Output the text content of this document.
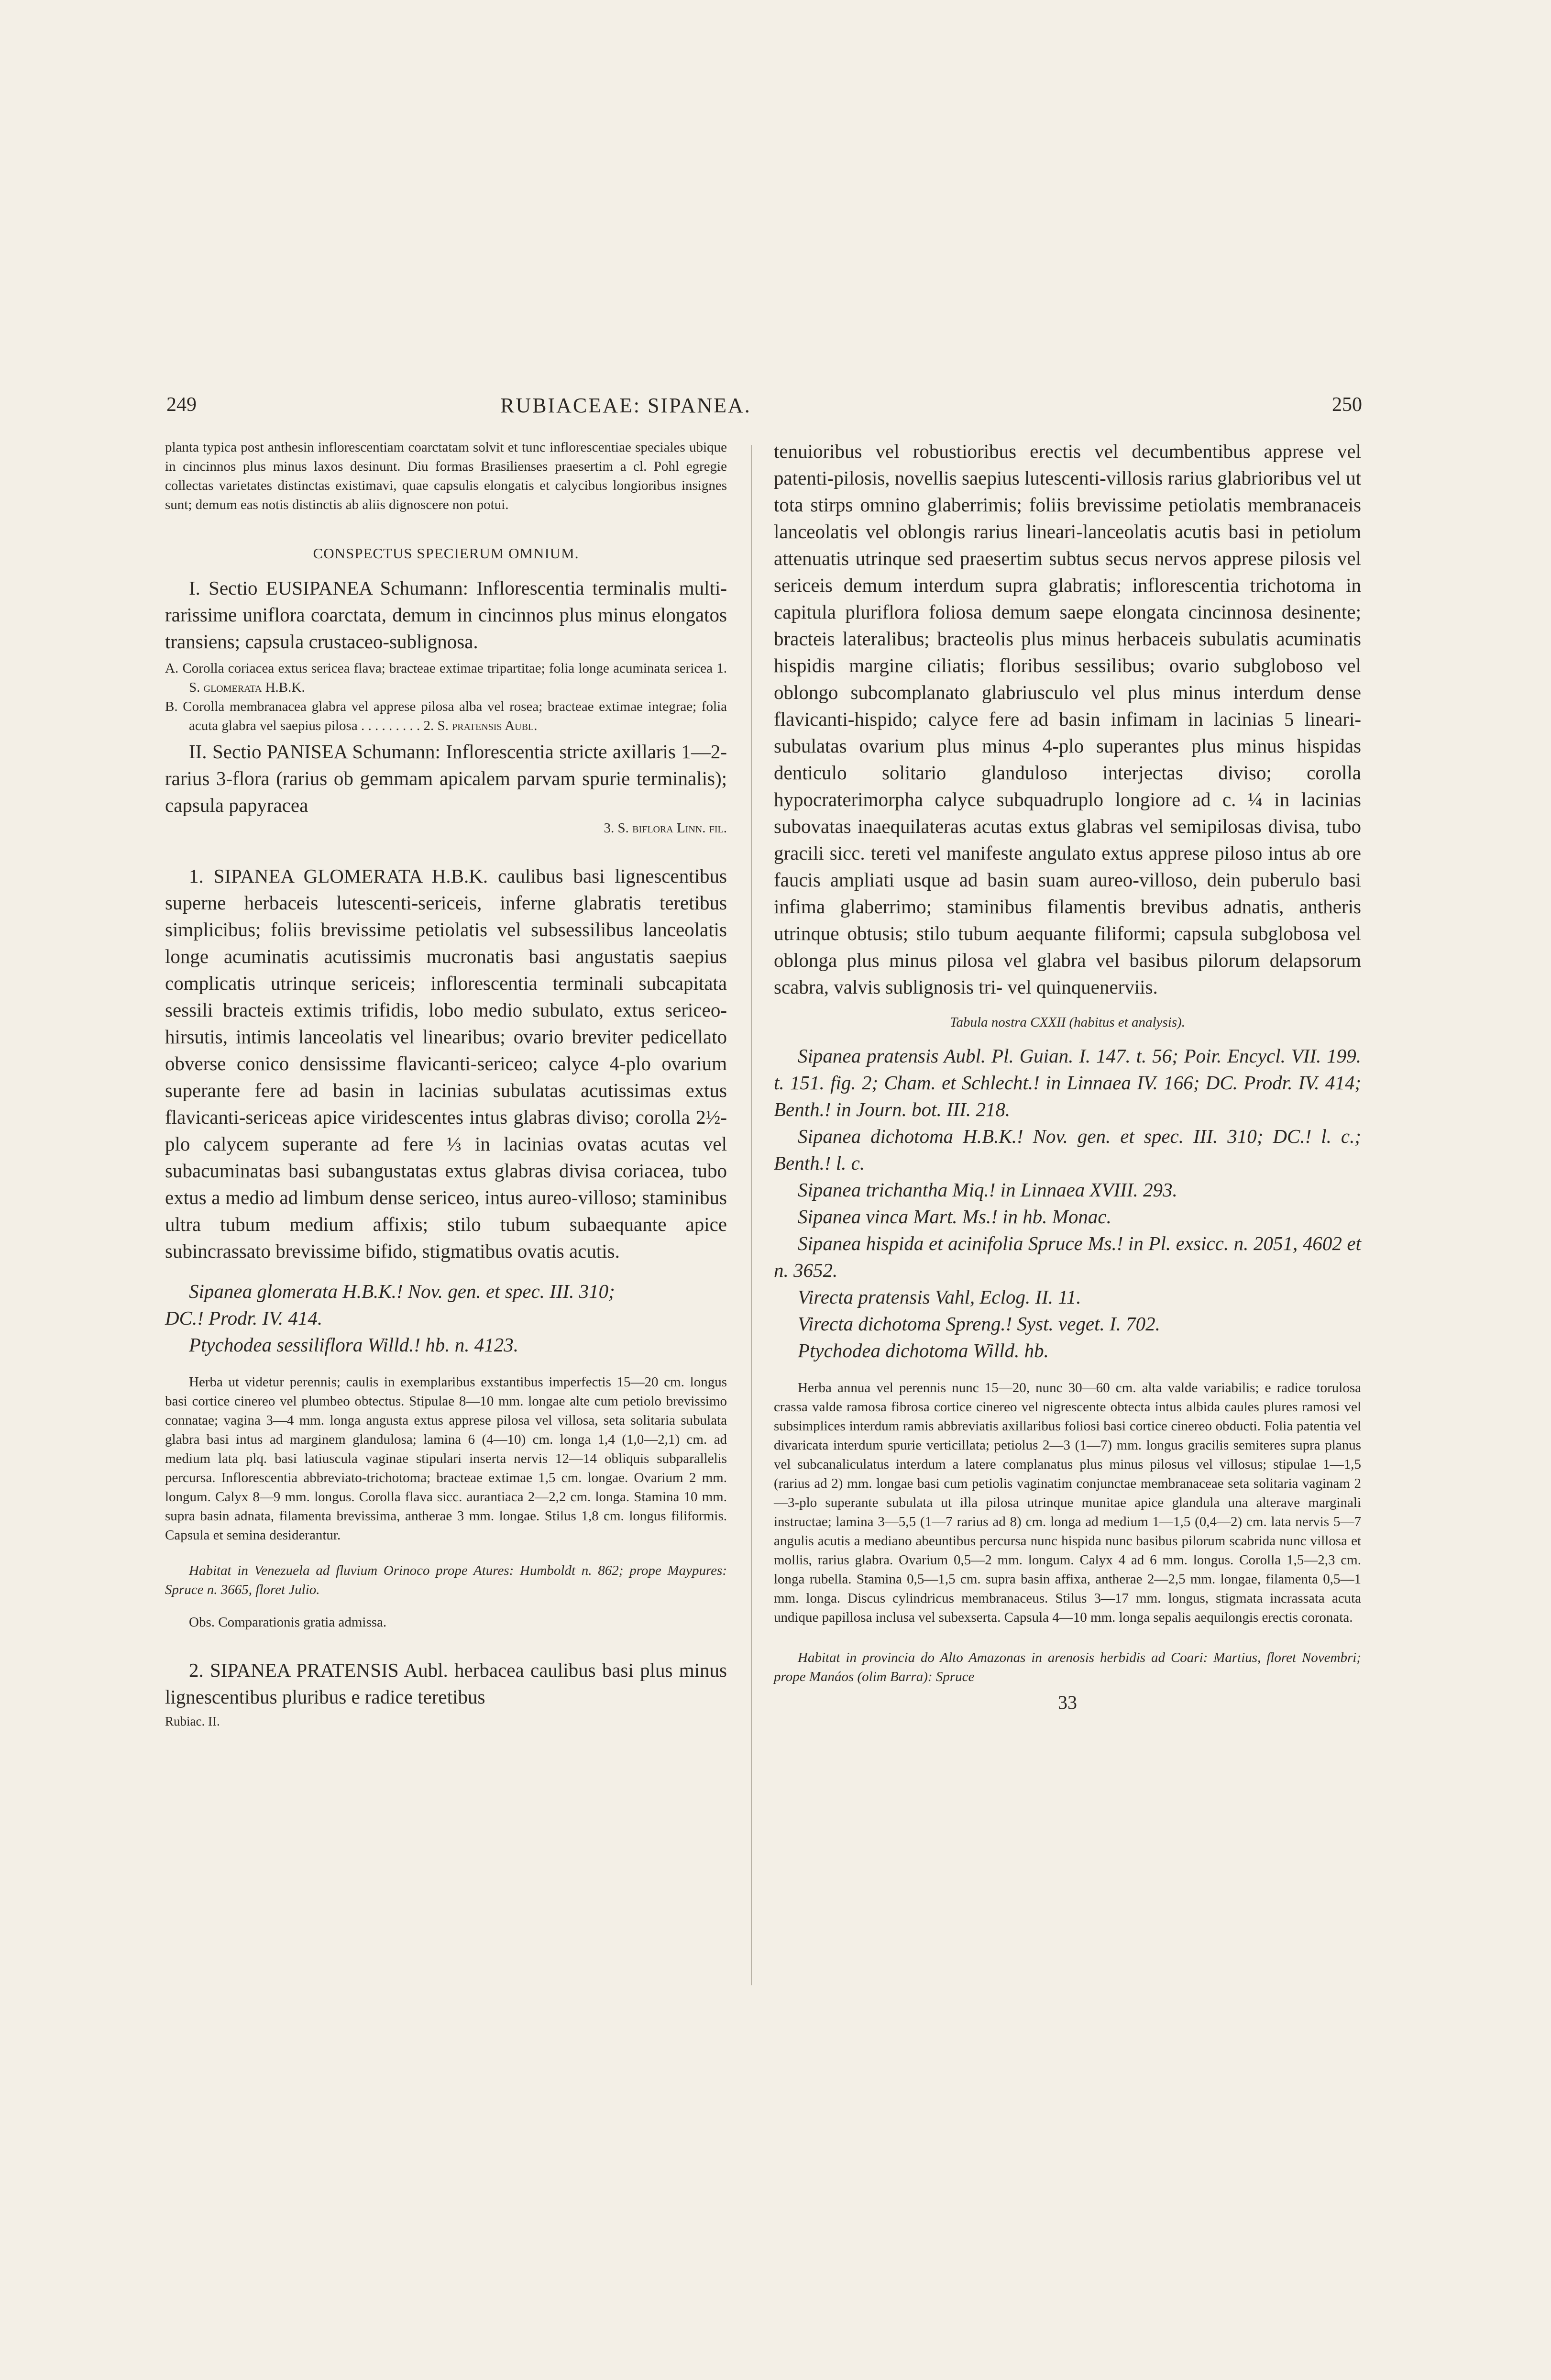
249	RUBIACEAE: SIPANEA.	250

planta typica post anthesin inflorescentiam coarctatam solvit et tunc inflorescentiae speciales ubique in cincinnos plus minus laxos desinunt. Diu formas Brasilienses praesertim a cl. Pohl egregie collectas varietates distinctas existimavi, quae capsulis elongatis et calycibus longioribus insignes sunt; demum eas notis distinctis ab aliis dignoscere non potui.

CONSPECTUS SPECIERUM OMNIUM.

I. Sectio EUSIPANEA Schumann: Inflorescentia terminalis multi- rarissime uniflora coarctata, demum in cincinnos plus minus elongatos transiens; capsula crustaceo-sublignosa.

A. Corolla coriacea extus sericea flava; bracteae extimae tripartitae; folia longe acuminata sericea 1. S. glomerata H.B.K.

B. Corolla membranacea glabra vel apprese pilosa alba vel rosea; bracteae extimae integrae; folia acuta glabra vel saepius pilosa . . . . . . . . . 2. S. pratensis Aubl.

II. Sectio PANISEA Schumann: Inflorescentia stricte axillaris 1—2- rarius 3-flora (rarius ob gemmam apicalem parvam spurie terminalis); capsula papyracea

3. S. biflora Linn. fil.

1. SIPANEA GLOMERATA H.B.K. caulibus basi lignescentibus superne herbaceis lutescenti-sericeis, inferne glabratis teretibus simplicibus; foliis brevissime petiolatis vel subsessilibus lanceolatis longe acuminatis acutissimis mucronatis basi angustatis saepius complicatis utrinque sericeis; inflorescentia terminali subcapitata sessili bracteis extimis trifidis, lobo medio subulato, extus sericeo-hirsutis, intimis lanceolatis vel linearibus; ovario breviter pedicellato obverse conico densissime flavicanti-sericeo; calyce 4-plo ovarium superante fere ad basin in lacinias subulatas acutissimas extus flavicanti-sericeas apice viridescentes intus glabras diviso; corolla 2½-plo calycem superante ad fere ⅓ in lacinias ovatas acutas vel subacuminatas basi subangustatas extus glabras divisa coriacea, tubo extus a medio ad limbum dense sericeo, intus aureo-villoso; staminibus ultra tubum medium affixis; stilo tubum subaequante apice subincrassato brevissime bifido, stigmatibus ovatis acutis.

Sipanea glomerata H.B.K.! Nov. gen. et spec. III. 310;

DC.! Prodr. IV. 414.

Ptychodea sessiliflora Willd.! hb. n. 4123.

Herba ut videtur perennis; caulis in exemplaribus exstantibus imperfectis 15—20 cm. longus basi cortice cinereo vel plumbeo obtectus. Stipulae 8—10 mm. longae alte cum petiolo brevissimo connatae; vagina 3—4 mm. longa angusta extus apprese pilosa vel villosa, seta solitaria subulata glabra basi intus ad marginem glandulosa; lamina 6 (4—10) cm. longa 1,4 (1,0—2,1) cm. ad medium lata plq. basi latiuscula vaginae stipulari inserta nervis 12—14 obliquis subparallelis percursa. Inflorescentia abbreviato-trichotoma; bracteae extimae 1,5 cm. longae. Ovarium 2 mm. longum. Calyx 8—9 mm. longus. Corolla flava sicc. aurantiaca 2—2,2 cm. longa. Stamina 10 mm. supra basin adnata, filamenta brevissima, antherae 3 mm. longae. Stilus 1,8 cm. longus filiformis. Capsula et semina desiderantur.

Habitat in Venezuela ad fluvium Orinoco prope Atures: Humboldt n. 862; prope Maypures: Spruce n. 3665, floret Julio.

Obs. Comparationis gratia admissa.

2. SIPANEA PRATENSIS Aubl. herbacea caulibus basi plus minus lignescentibus pluribus e radice teretibus

Rubiac. II.

tenuioribus vel robustioribus erectis vel decumbentibus apprese vel patenti-pilosis, novellis saepius lutescenti-villosis rarius glabrioribus vel ut tota stirps omnino glaberrimis; foliis brevissime petiolatis membranaceis lanceolatis vel oblongis rarius lineari-lanceolatis acutis basi in petiolum attenuatis utrinque sed praesertim subtus secus nervos apprese pilosis vel sericeis demum interdum supra glabratis; inflorescentia trichotoma in capitula pluriflora foliosa demum saepe elongata cincinnosa desinente; bracteis lateralibus; bracteolis plus minus herbaceis subulatis acuminatis hispidis margine ciliatis; floribus sessilibus; ovario subgloboso vel oblongo subcomplanato glabriusculo vel plus minus interdum dense flavicanti-hispido; calyce fere ad basin infimam in lacinias 5 lineari-subulatas ovarium plus minus 4-plo superantes plus minus hispidas denticulo solitario glanduloso interjectas diviso; corolla hypocraterimorpha calyce subquadruplo longiore ad c. ¼ in lacinias subovatas inaequilateras acutas extus glabras vel semipilosas divisa, tubo gracili sicc. tereti vel manifeste angulato extus apprese piloso intus ab ore faucis ampliati usque ad basin suam aureo-villoso, dein puberulo basi infima glaberrimo; staminibus filamentis brevibus adnatis, antheris utrinque obtusis; stilo tubum aequante filiformi; capsula subglobosa vel oblonga plus minus pilosa vel glabra vel basibus pilorum delapsorum scabra, valvis sublignosis tri- vel quinquenerviis.

Tabula nostra CXXII (habitus et analysis).

Sipanea pratensis Aubl. Pl. Guian. I. 147. t. 56; Poir. Encycl. VII. 199. t. 151. fig. 2; Cham. et Schlecht.! in Linnaea IV. 166; DC. Prodr. IV. 414; Benth.! in Journ. bot. III. 218.

Sipanea dichotoma H.B.K.! Nov. gen. et spec. III. 310; DC.! l. c.; Benth.! l. c.

Sipanea trichantha Miq.! in Linnaea XVIII. 293.

Sipanea vinca Mart. Ms.! in hb. Monac.

Sipanea hispida et acinifolia Spruce Ms.! in Pl. exsicc. n. 2051, 4602 et n. 3652.

Virecta pratensis Vahl, Eclog. II. 11.

Virecta dichotoma Spreng.! Syst. veget. I. 702.

Ptychodea dichotoma Willd. hb.

Herba annua vel perennis nunc 15—20, nunc 30—60 cm. alta valde variabilis; e radice torulosa crassa valde ramosa fibrosa cortice cinereo vel nigrescente obtecta intus albida caules plures ramosi vel subsimplices interdum ramis abbreviatis axillaribus foliosi basi cortice cinereo obducti. Folia patentia vel divaricata interdum spurie verticillata; petiolus 2—3 (1—7) mm. longus gracilis semiteres supra planus vel subcanaliculatus interdum a latere complanatus plus minus pilosus vel villosus; stipulae 1—1,5 (rarius ad 2) mm. longae basi cum petiolis vaginatim conjunctae membranaceae seta solitaria vaginam 2—3-plo superante subulata ut illa pilosa utrinque munitae apice glandula una alterave marginali instructae; lamina 3—5,5 (1—7 rarius ad 8) cm. longa ad medium 1—1,5 (0,4—2) cm. lata nervis 5—7 angulis acutis a mediano abeuntibus percursa nunc hispida nunc basibus pilorum scabrida nunc villosa et mollis, rarius glabra. Ovarium 0,5—2 mm. longum. Calyx 4 ad 6 mm. longus. Corolla 1,5—2,3 cm. longa rubella. Stamina 0,5—1,5 cm. supra basin affixa, antherae 2—2,5 mm. longae, filamenta 0,5—1 mm. longa. Discus cylindricus membranaceus. Stilus 3—17 mm. longus, stigmata incrassata acuta undique papillosa inclusa vel subexserta. Capsula 4—10 mm. longa sepalis aequilongis erectis coronata.

Habitat in provincia do Alto Amazonas in arenosis herbidis ad Coari: Martius, floret Novembri; prope Manáos (olim Barra): Spruce

33
